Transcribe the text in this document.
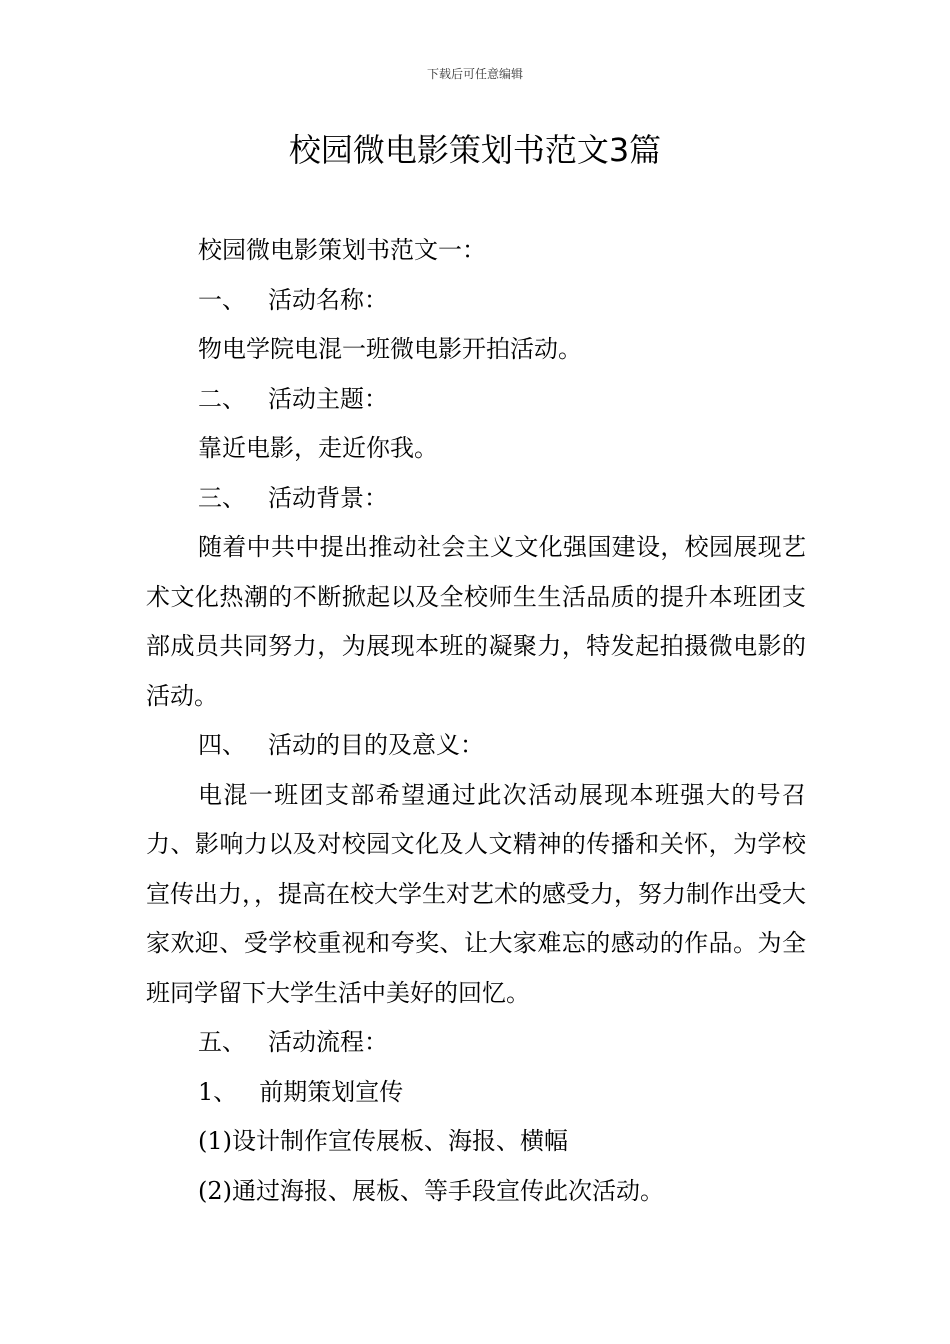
下载后可任意编辑
校园微电影策划书范文3篇

校园微电影策划书范文一：

一、 活动名称：

物电学院电混一班微电影开拍活动。

二、 活动主题：

靠近电影，走近你我。

三、 活动背景：

随着中共中提出推动社会主义文化强国建设，校园展现艺术文化热潮的不断掀起以及全校师生生活品质的提升本班团支部成员共同努力，为展现本班的凝聚力，特发起拍摄微电影的活动。

四、 活动的目的及意义：

电混一班团支部希望通过此次活动展现本班强大的号召力、影响力以及对校园文化及人文精神的传播和关怀，为学校宣传出力，，提高在校大学生对艺术的感受力，努力制作出受大家欢迎、受学校重视和夸奖、让大家难忘的感动的作品。为全班同学留下大学生活中美好的回忆。

五、 活动流程：

1、 前期策划宣传

(1)设计制作宣传展板、海报、横幅

(2)通过海报、展板、等手段宣传此次活动。
